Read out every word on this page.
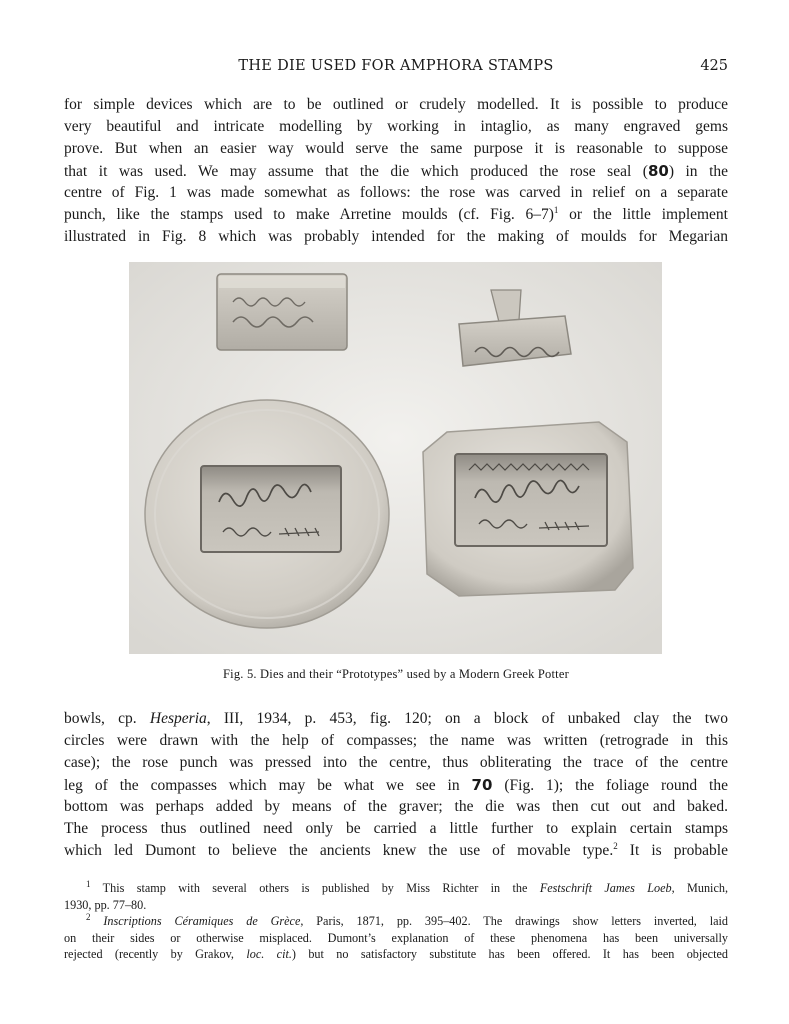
THE DIE USED FOR AMPHORA STAMPS	425
for simple devices which are to be outlined or crudely modelled. It is possible to produce
very beautiful and intricate modelling by working in intaglio, as many engraved gems
prove. But when an easier way would serve the same purpose it is reasonable to suppose
that it was used. We may assume that the die which produced the rose seal (80) in the
centre of Fig. 1 was made somewhat as follows: the rose was carved in relief on a separate
punch, like the stamps used to make Arretine moulds (cf. Fig. 6–7)$^1$ or the little implement
illustrated in Fig. 8 which was probably intended for the making of moulds for Megarian
Fig. 5. Dies and their “Prototypes” used by a Modern Greek Potter
bowls, cp. Hesperia, III, 1934, p. 453, fig. 120; on a block of unbaked clay the two
circles were drawn with the help of compasses; the name was written (retrograde in this
case); the rose punch was pressed into the centre, thus obliterating the trace of the centre
leg of the compasses which may be what we see in 70 (Fig. 1); the foliage round the
bottom was perhaps added by means of the graver; the die was then cut out and baked.
The process thus outlined need only be carried a little further to explain certain stamps
which led Dumont to believe the ancients knew the use of movable type.$^2$ It is probable
$^1$ This stamp with several others is published by Miss Richter in the Festschrift James Loeb, Munich,
1930, pp. 77–80.
$^2$ Inscriptions Céramiques de Grèce, Paris, 1871, pp. 395–402. The drawings show letters inverted, laid
on their sides or otherwise misplaced. Dumont’s explanation of these phenomena has been universally
rejected (recently by Grakov, loc. cit.) but no satisfactory substitute has been offered. It has been objected
